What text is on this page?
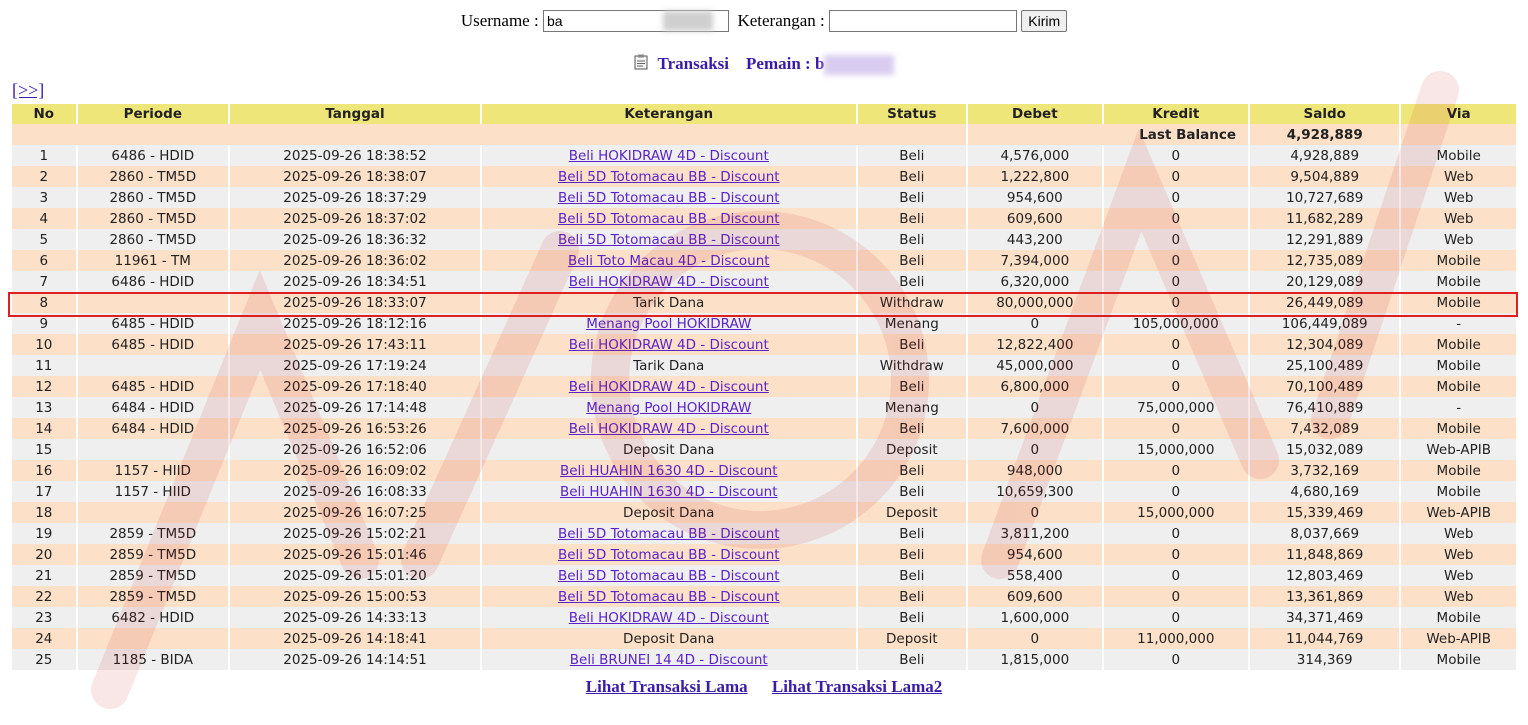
Username : ba	Keterangan :	Kirim
Transaksi Pemain : b
[>>]
No	Periode	Tanggal	Keterangan	Status	Debet	Kredit	Saldo	Via
					Last Balance		4,928,889	
1	6486 - HDID	2025-09-26 18:38:52	Beli HOKIDRAW 4D - Discount	Beli	4,576,000	0	4,928,889	Mobile
2	2860 - TM5D	2025-09-26 18:38:07	Beli 5D Totomacau BB - Discount	Beli	1,222,800	0	9,504,889	Web
3	2860 - TM5D	2025-09-26 18:37:29	Beli 5D Totomacau BB - Discount	Beli	954,600	0	10,727,689	Web
4	2860 - TM5D	2025-09-26 18:37:02	Beli 5D Totomacau BB - Discount	Beli	609,600	0	11,682,289	Web
5	2860 - TM5D	2025-09-26 18:36:32	Beli 5D Totomacau BB - Discount	Beli	443,200	0	12,291,889	Web
6	11961 - TM	2025-09-26 18:36:02	Beli Toto Macau 4D - Discount	Beli	7,394,000	0	12,735,089	Mobile
7	6486 - HDID	2025-09-26 18:34:51	Beli HOKIDRAW 4D - Discount	Beli	6,320,000	0	20,129,089	Mobile
8		2025-09-26 18:33:07	Tarik Dana	Withdraw	80,000,000	0	26,449,089	Mobile
9	6485 - HDID	2025-09-26 18:12:16	Menang Pool HOKIDRAW	Menang	0	105,000,000	106,449,089	-
10	6485 - HDID	2025-09-26 17:43:11	Beli HOKIDRAW 4D - Discount	Beli	12,822,400	0	12,304,089	Mobile
11		2025-09-26 17:19:24	Tarik Dana	Withdraw	45,000,000	0	25,100,489	Mobile
12	6485 - HDID	2025-09-26 17:18:40	Beli HOKIDRAW 4D - Discount	Beli	6,800,000	0	70,100,489	Mobile
13	6484 - HDID	2025-09-26 17:14:48	Menang Pool HOKIDRAW	Menang	0	75,000,000	76,410,889	-
14	6484 - HDID	2025-09-26 16:53:26	Beli HOKIDRAW 4D - Discount	Beli	7,600,000	0	7,432,089	Mobile
15		2025-09-26 16:52:06	Deposit Dana	Deposit	0	15,000,000	15,032,089	Web-APIB
16	1157 - HIID	2025-09-26 16:09:02	Beli HUAHIN 1630 4D - Discount	Beli	948,000	0	3,732,169	Mobile
17	1157 - HIID	2025-09-26 16:08:33	Beli HUAHIN 1630 4D - Discount	Beli	10,659,300	0	4,680,169	Mobile
18		2025-09-26 16:07:25	Deposit Dana	Deposit	0	15,000,000	15,339,469	Web-APIB
19	2859 - TM5D	2025-09-26 15:02:21	Beli 5D Totomacau BB - Discount	Beli	3,811,200	0	8,037,669	Web
20	2859 - TM5D	2025-09-26 15:01:46	Beli 5D Totomacau BB - Discount	Beli	954,600	0	11,848,869	Web
21	2859 - TM5D	2025-09-26 15:01:20	Beli 5D Totomacau BB - Discount	Beli	558,400	0	12,803,469	Web
22	2859 - TM5D	2025-09-26 15:00:53	Beli 5D Totomacau BB - Discount	Beli	609,600	0	13,361,869	Web
23	6482 - HDID	2025-09-26 14:33:13	Beli HOKIDRAW 4D - Discount	Beli	1,600,000	0	34,371,469	Mobile
24		2025-09-26 14:18:41	Deposit Dana	Deposit	0	11,000,000	11,044,769	Web-APIB
25	1185 - BIDA	2025-09-26 14:14:51	Beli BRUNEI 14 4D - Discount	Beli	1,815,000	0	314,369	Mobile
Lihat Transaksi Lama Lihat Transaksi Lama2
